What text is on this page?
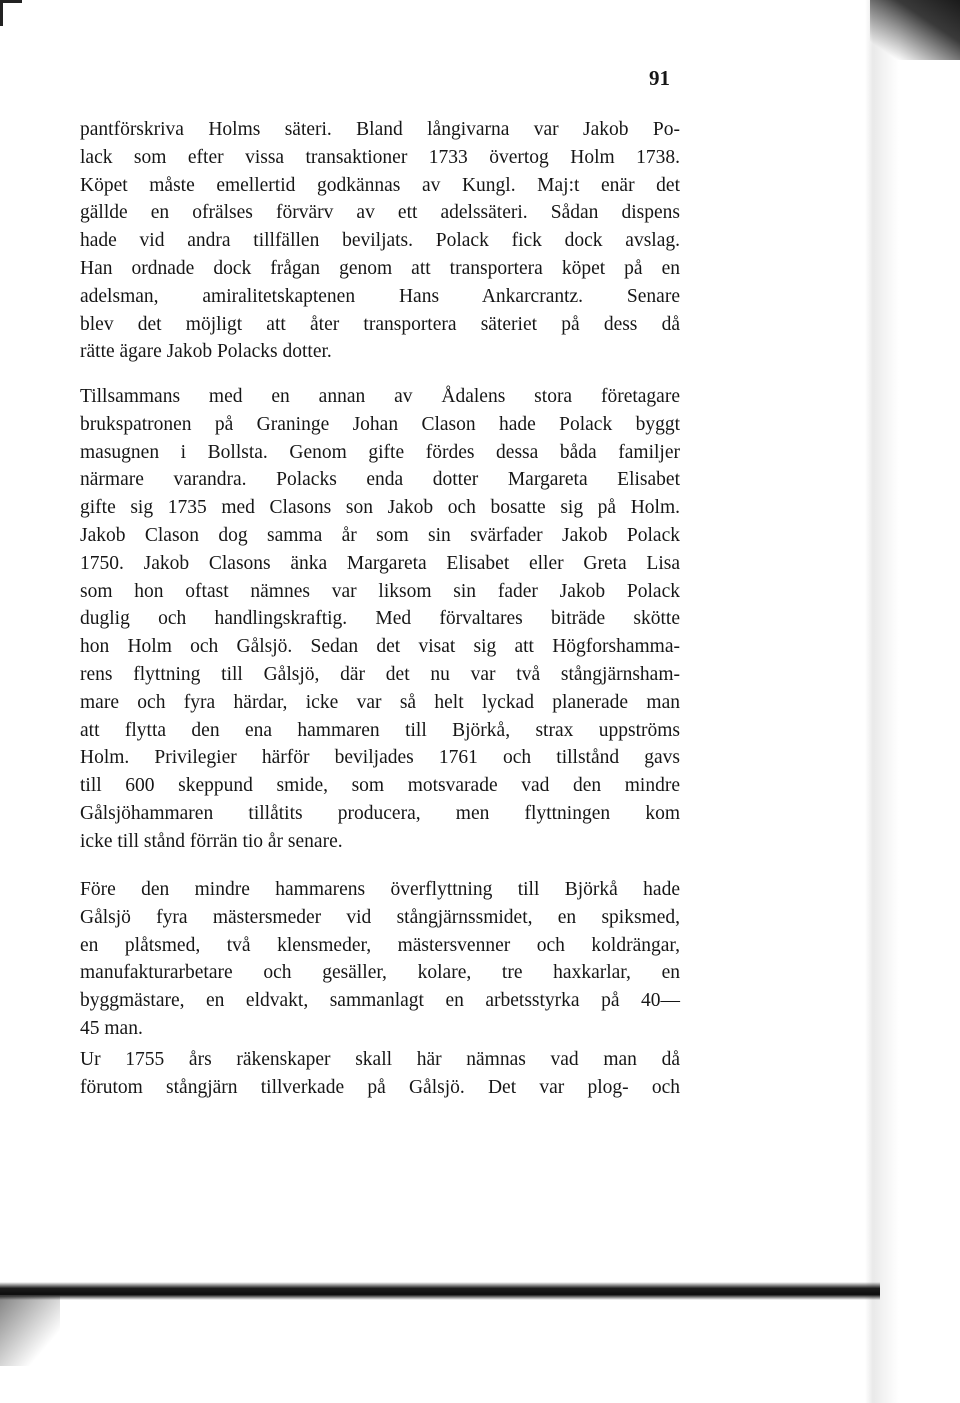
91

pantförskriva Holms säteri. Bland långivarna var Jakob Po-
lack som efter vissa transaktioner 1733 övertog Holm 1738.
Köpet måste emellertid godkännas av Kungl. Maj:t enär det
gällde en ofrälses förvärv av ett adelssäteri. Sådan dispens
hade vid andra tillfällen beviljats. Polack fick dock avslag.
Han ordnade dock frågan genom att transportera köpet på en
adelsman, amiralitetskaptenen Hans Ankarcrantz. Senare
blev det möjligt att åter transportera säteriet på dess då
rätte ägare Jakob Polacks dotter.

Tillsammans med en annan av Ådalens stora företagare
brukspatronen på Graninge Johan Clason hade Polack byggt
masugnen i Bollsta. Genom gifte fördes dessa båda familjer
närmare varandra. Polacks enda dotter Margareta Elisabet
gifte sig 1735 med Clasons son Jakob och bosatte sig på Holm.
Jakob Clason dog samma år som sin svärfader Jakob Polack
1750. Jakob Clasons änka Margareta Elisabet eller Greta Lisa
som hon oftast nämnes var liksom sin fader Jakob Polack
duglig och handlingskraftig. Med förvaltares biträde skötte
hon Holm och Gålsjö. Sedan det visat sig att Högforshamma-
rens flyttning till Gålsjö, där det nu var två stångjärnsham-
mare och fyra härdar, icke var så helt lyckad planerade man
att flytta den ena hammaren till Björkå, strax uppströms
Holm. Privilegier härför beviljades 1761 och tillstånd gavs
till 600 skeppund smide, som motsvarade vad den mindre
Gålsjöhammaren tillåtits producera, men flyttningen kom
icke till stånd förrän tio år senare.

Före den mindre hammarens överflyttning till Björkå hade
Gålsjö fyra mästersmeder vid stångjärnssmidet, en spiksmed,
en plåtsmed, två klensmeder, mästersvenner och koldrängar,
manufakturarbetare och gesäller, kolare, tre haxkarlar, en
byggmästare, en eldvakt, sammanlagt en arbetsstyrka på 40—
45 man.

Ur 1755 års räkenskaper skall här nämnas vad man då
förutom stångjärn tillverkade på Gålsjö. Det var plog- och
